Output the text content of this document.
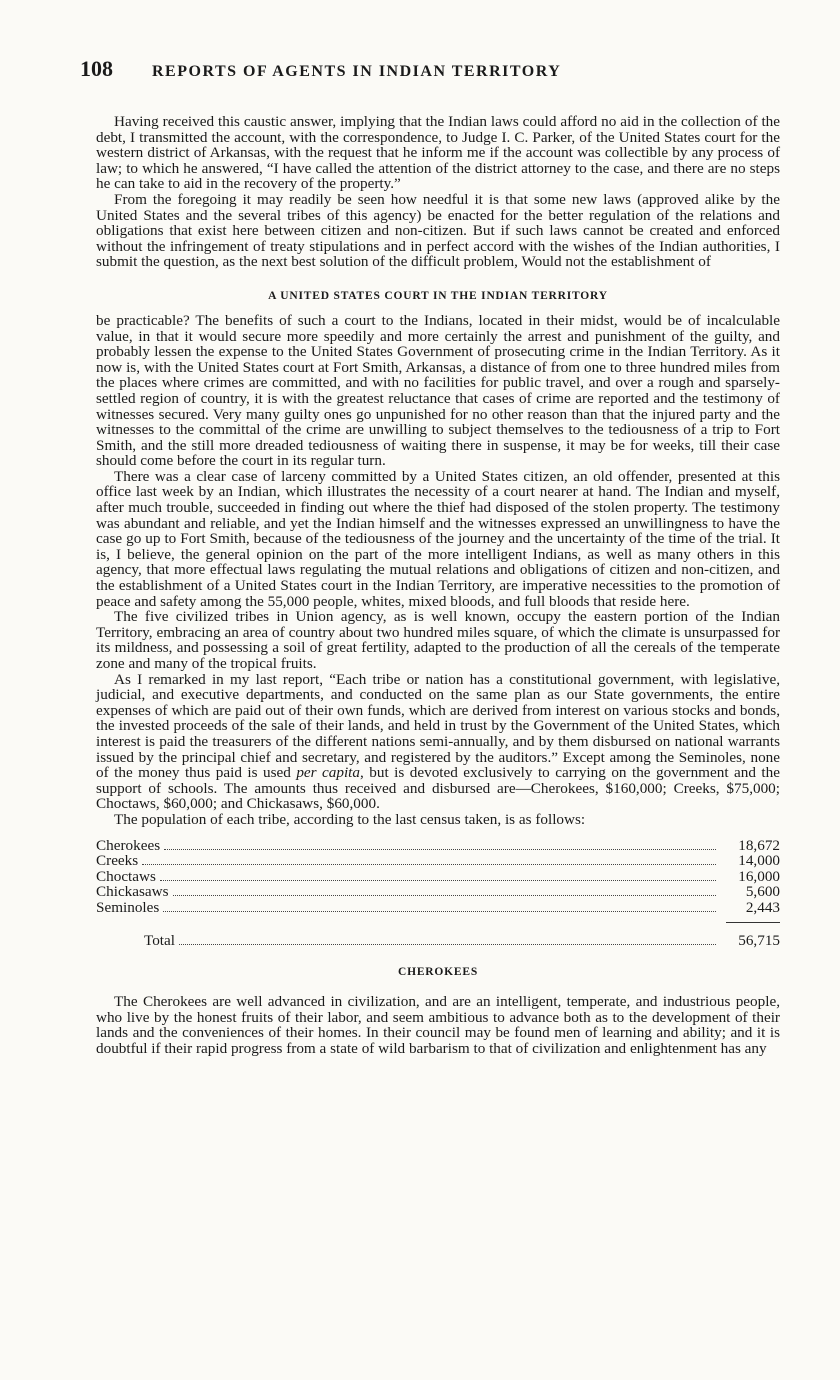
108	REPORTS OF AGENTS IN INDIAN TERRITORY

Having received this caustic answer, implying that the Indian laws could afford no aid in the collection of the debt, I transmitted the account, with the correspondence, to Judge I. C. Parker, of the United States court for the western district of Arkansas, with the request that he inform me if the account was collectible by any process of law; to which he answered, “I have called the attention of the district attorney to the case, and there are no steps he can take to aid in the recovery of the property.”

From the foregoing it may readily be seen how needful it is that some new laws (approved alike by the United States and the several tribes of this agency) be enacted for the better regulation of the relations and obligations that exist here between citizen and non-citizen. But if such laws cannot be created and enforced without the infringement of treaty stipulations and in perfect accord with the wishes of the Indian authorities, I submit the question, as the next best solution of the difficult problem, Would not the establishment of

A UNITED STATES COURT IN THE INDIAN TERRITORY

be practicable? The benefits of such a court to the Indians, located in their midst, would be of incalculable value, in that it would secure more speedily and more certainly the arrest and punishment of the guilty, and probably lessen the expense to the United States Government of prosecuting crime in the Indian Territory. As it now is, with the United States court at Fort Smith, Arkansas, a distance of from one to three hundred miles from the places where crimes are committed, and with no facilities for public travel, and over a rough and sparsely-settled region of country, it is with the greatest reluctance that cases of crime are reported and the testimony of witnesses secured. Very many guilty ones go unpunished for no other reason than that the injured party and the witnesses to the committal of the crime are unwilling to subject themselves to the tediousness of a trip to Fort Smith, and the still more dreaded tediousness of waiting there in suspense, it may be for weeks, till their case should come before the court in its regular turn.

There was a clear case of larceny committed by a United States citizen, an old offender, presented at this office last week by an Indian, which illustrates the necessity of a court nearer at hand. The Indian and myself, after much trouble, succeeded in finding out where the thief had disposed of the stolen property. The testimony was abundant and reliable, and yet the Indian himself and the witnesses expressed an unwillingness to have the case go up to Fort Smith, because of the tediousness of the journey and the uncertainty of the time of the trial. It is, I believe, the general opinion on the part of the more intelligent Indians, as well as many others in this agency, that more effectual laws regulating the mutual relations and obligations of citizen and non-citizen, and the establishment of a United States court in the Indian Territory, are imperative necessities to the promotion of peace and safety among the 55,000 people, whites, mixed bloods, and full bloods that reside here.

The five civilized tribes in Union agency, as is well known, occupy the eastern portion of the Indian Territory, embracing an area of country about two hundred miles square, of which the climate is unsurpassed for its mildness, and possessing a soil of great fertility, adapted to the production of all the cereals of the temperate zone and many of the tropical fruits.

As I remarked in my last report, “Each tribe or nation has a constitutional government, with legislative, judicial, and executive departments, and conducted on the same plan as our State governments, the entire expenses of which are paid out of their own funds, which are derived from interest on various stocks and bonds, the invested proceeds of the sale of their lands, and held in trust by the Government of the United States, which interest is paid the treasurers of the different nations semi-annually, and by them disbursed on national warrants issued by the principal chief and secretary, and registered by the auditors.” Except among the Seminoles, none of the money thus paid is used per capita, but is devoted exclusively to carrying on the government and the support of schools. The amounts thus received and disbursed are—Cherokees, $160,000; Creeks, $75,000; Choctaws, $60,000; and Chickasaws, $60,000.

The population of each tribe, according to the last census taken, is as follows:

Cherokees	18,672
Creeks	14,000
Choctaws	16,000
Chickasaws	5,600
Seminoles	2,443
Total	56,715
CHEROKEES

The Cherokees are well advanced in civilization, and are an intelligent, temperate, and industrious people, who live by the honest fruits of their labor, and seem ambitious to advance both as to the development of their lands and the conveniences of their homes. In their council may be found men of learning and ability; and it is doubtful if their rapid progress from a state of wild barbarism to that of civilization and enlightenment has any
